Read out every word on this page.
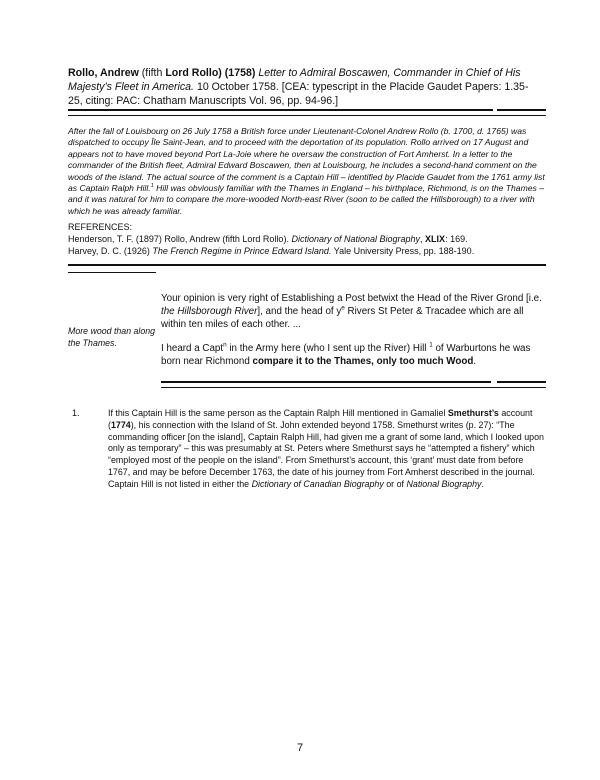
Rollo, Andrew (fifth Lord Rollo) (1758) Letter to Admiral Boscawen, Commander in Chief of His Majesty’s Fleet in America. 10 October 1758. [CEA: typescript in the Placide Gaudet Papers: 1.35-25, citing: PAC: Chatham Manuscripts Vol. 96, pp. 94-96.]
After the fall of Louisbourg on 26 July 1758 a British force under Lieutenant-Colonel Andrew Rollo (b. 1700, d. 1765) was dispatched to occupy Île Saint-Jean, and to proceed with the deportation of its population. Rollo arrived on 17 August and appears not to have moved beyond Port La-Joie where he oversaw the construction of Fort Amherst. In a letter to the commander of the British fleet, Admiral Edward Boscawen, then at Louisbourg, he includes a second-hand comment on the woods of the island. The actual source of the comment is a Captain Hill – identified by Placide Gaudet from the 1761 army list as Captain Ralph Hill.$^1$ Hill was obviously familiar with the Thames in England – his birthplace, Richmond, is on the Thames – and it was natural for him to compare the more-wooded North-east River (soon to be called the Hillsborough) to a river with which he was already familiar.
REFERENCES:
Henderson, T. F. (1897) Rollo, Andrew (fifth Lord Rollo). Dictionary of National Biography, XLIX: 169.
Harvey, D. C. (1926) The French Regime in Prince Edward Island. Yale University Press, pp. 188-190.

Your opinion is very right of Establishing a Post betwixt the Head of the River Grond [i.e. the Hillsborough River], and the head of $y^e$ Rivers St Peter & Tracadee which are all within ten miles of each other. ...

I heard a Capt$^n$ in the Army here (who I sent up the River) Hill $^1$ of Warburtons he was born near Richmond compare it to the Thames, only too much Wood.

More wood than along the Thames.
1.	If this Captain Hill is the same person as the Captain Ralph Hill mentioned in Gamaliel Smethurst’s account (1774), his connection with the Island of St. John extended beyond 1758. Smethurst writes (p. 27): “The commanding officer [on the island], Captain Ralph Hill, had given me a grant of some land, which I looked upon only as temporary” – this was presumably at St. Peters where Smethurst says he “attempted a fishery” which “employed most of the people on the island”. From Smethurst’s account, this ‘grant’ must date from before 1767, and may be before December 1763, the date of his journey from Fort Amherst described in the journal. Captain Hill is not listed in either the Dictionary of Canadian Biography or of National Biography.
7
